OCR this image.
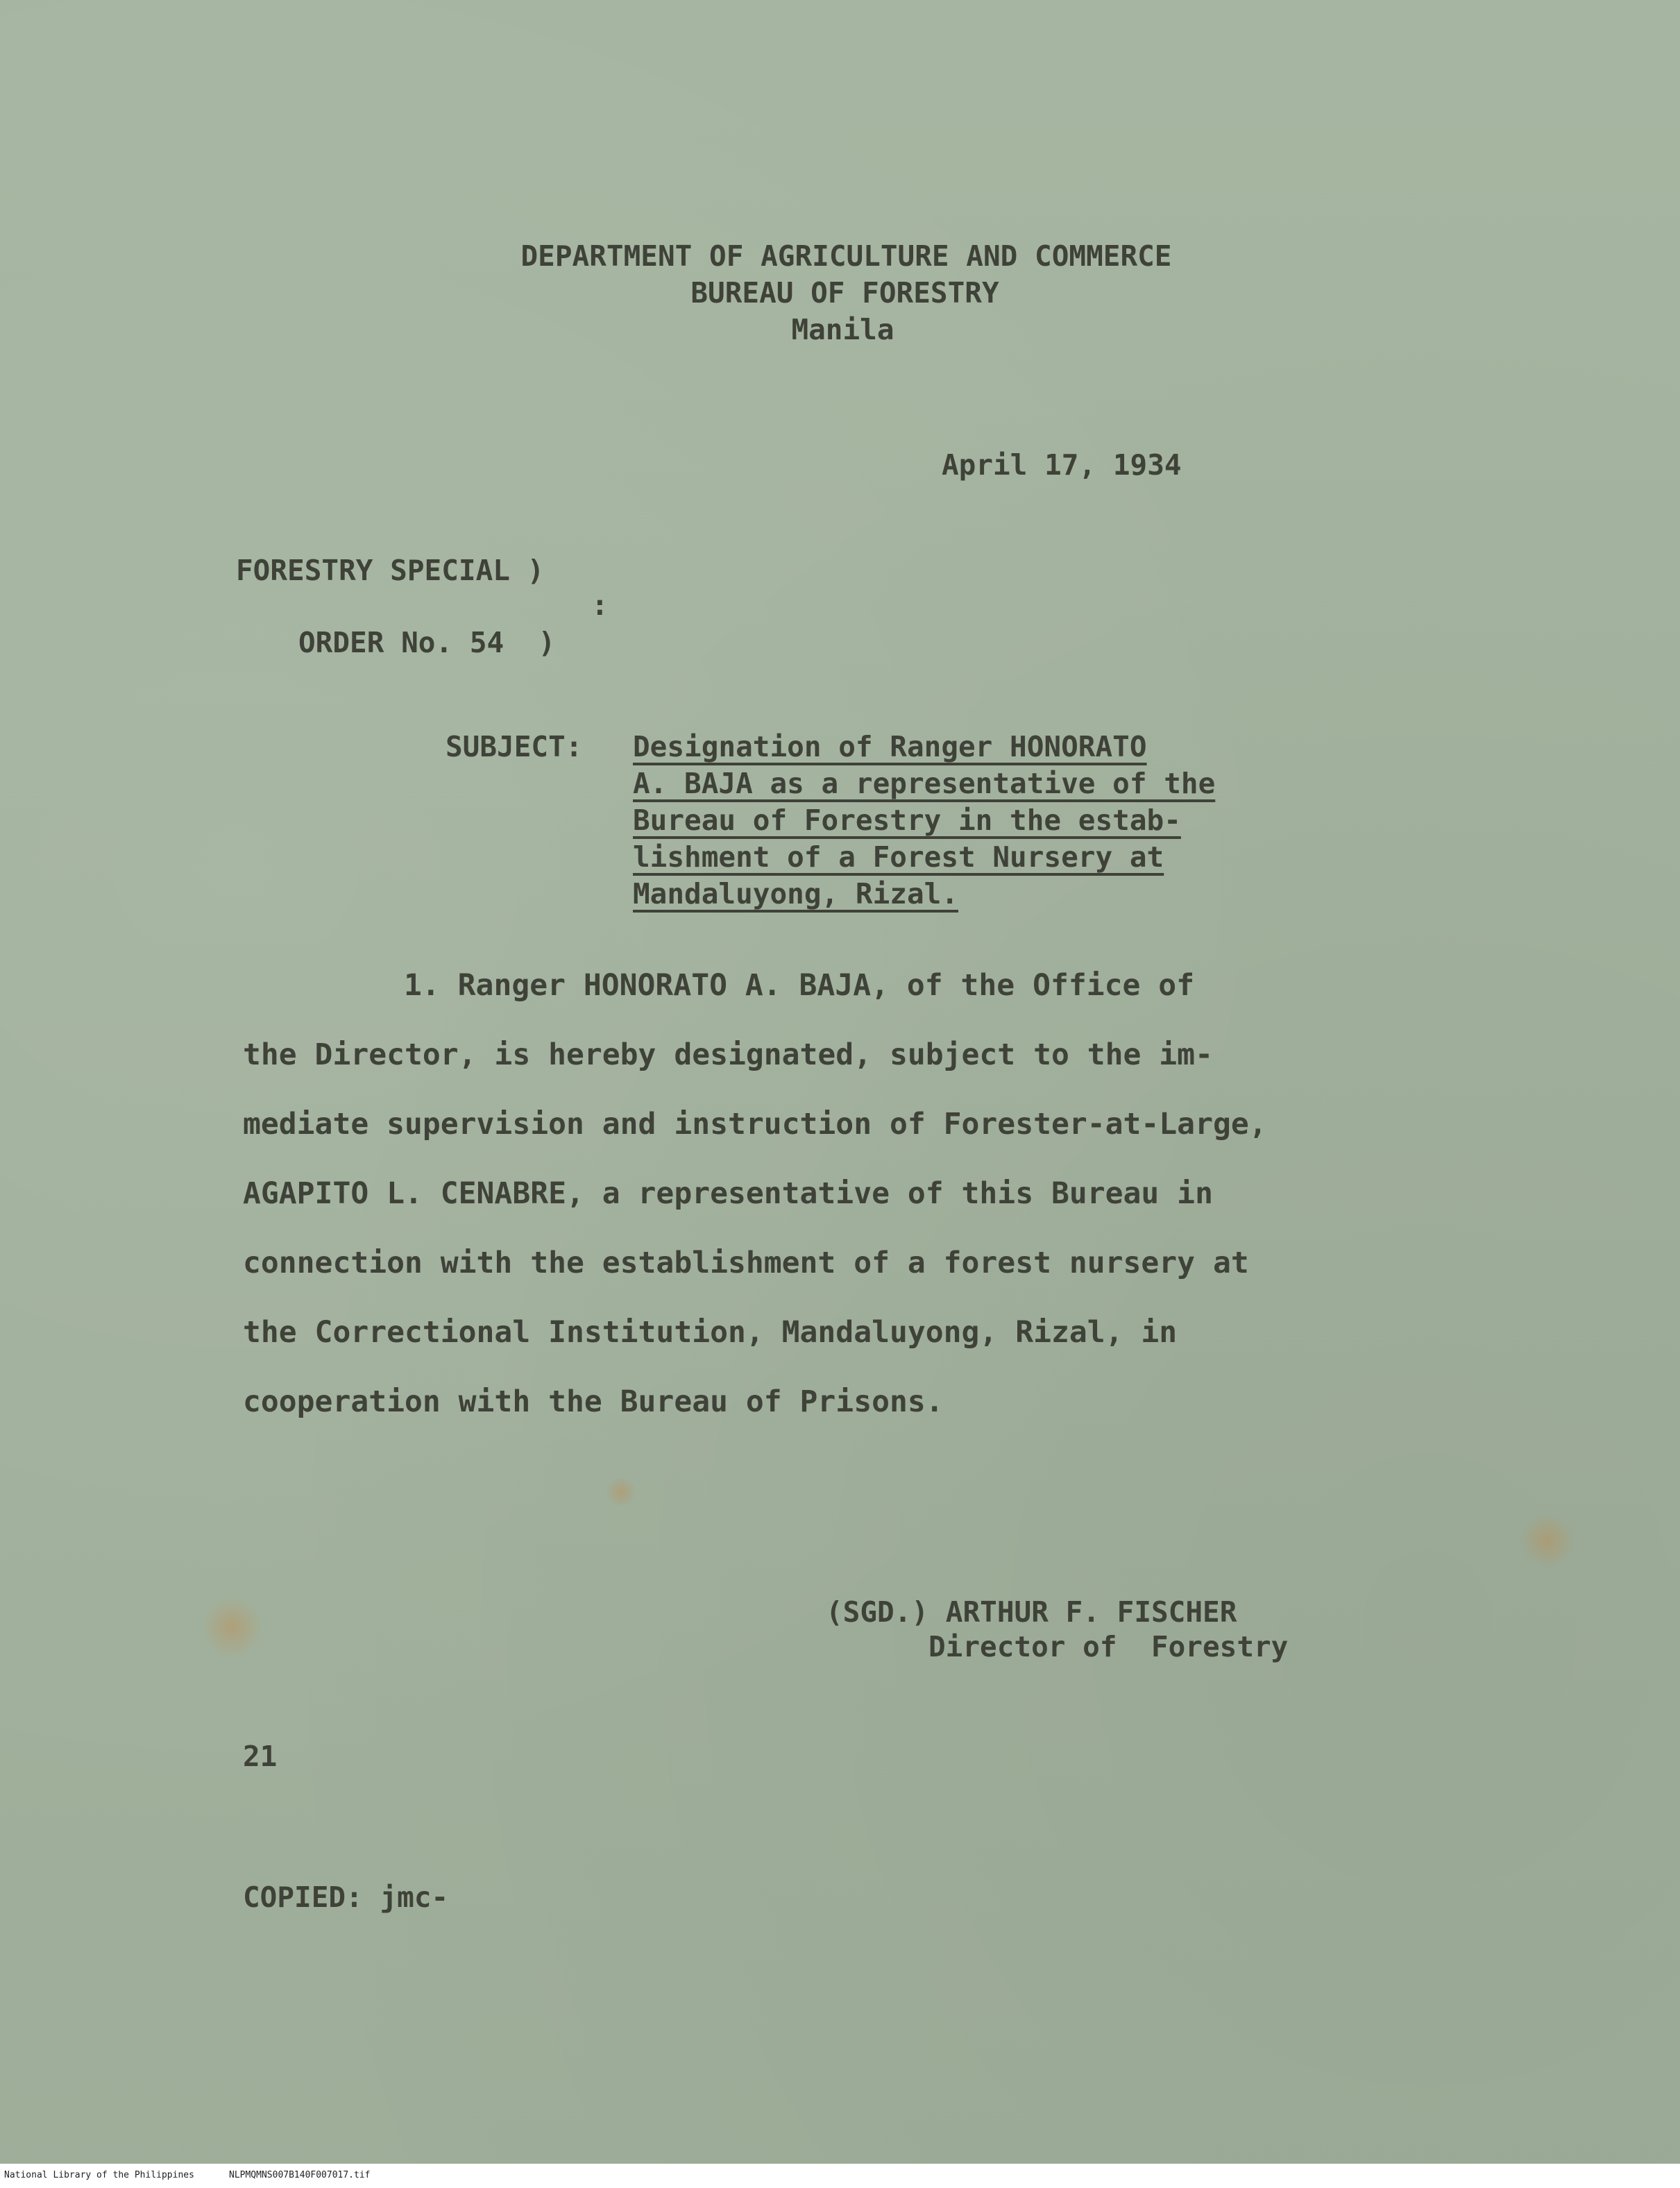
DEPARTMENT OF AGRICULTURE AND COMMERCE
BUREAU OF FORESTRY
Manila
April 17, 1934
FORESTRY SPECIAL )
:
ORDER No. 54  )
SUBJECT: Designation of Ranger HONORATO
A. BAJA as a representative of the
Bureau of Forestry in the estab-
lishment of a Forest Nursery at
Mandaluyong, Rizal.
1. Ranger HONORATO A. BAJA, of the Office of
the Director, is hereby designated, subject to the im-
mediate supervision and instruction of Forester-at-Large,
AGAPITO L. CENABRE, a representative of this Bureau in
connection with the establishment of a forest nursery at
the Correctional Institution, Mandaluyong, Rizal, in
cooperation with the Bureau of Prisons.
(SGD.) ARTHUR F. FISCHER
Director of  Forestry
21
COPIED: jmc-
National Library of the Philippines	NLPMQMNS007B140F007017.tif
